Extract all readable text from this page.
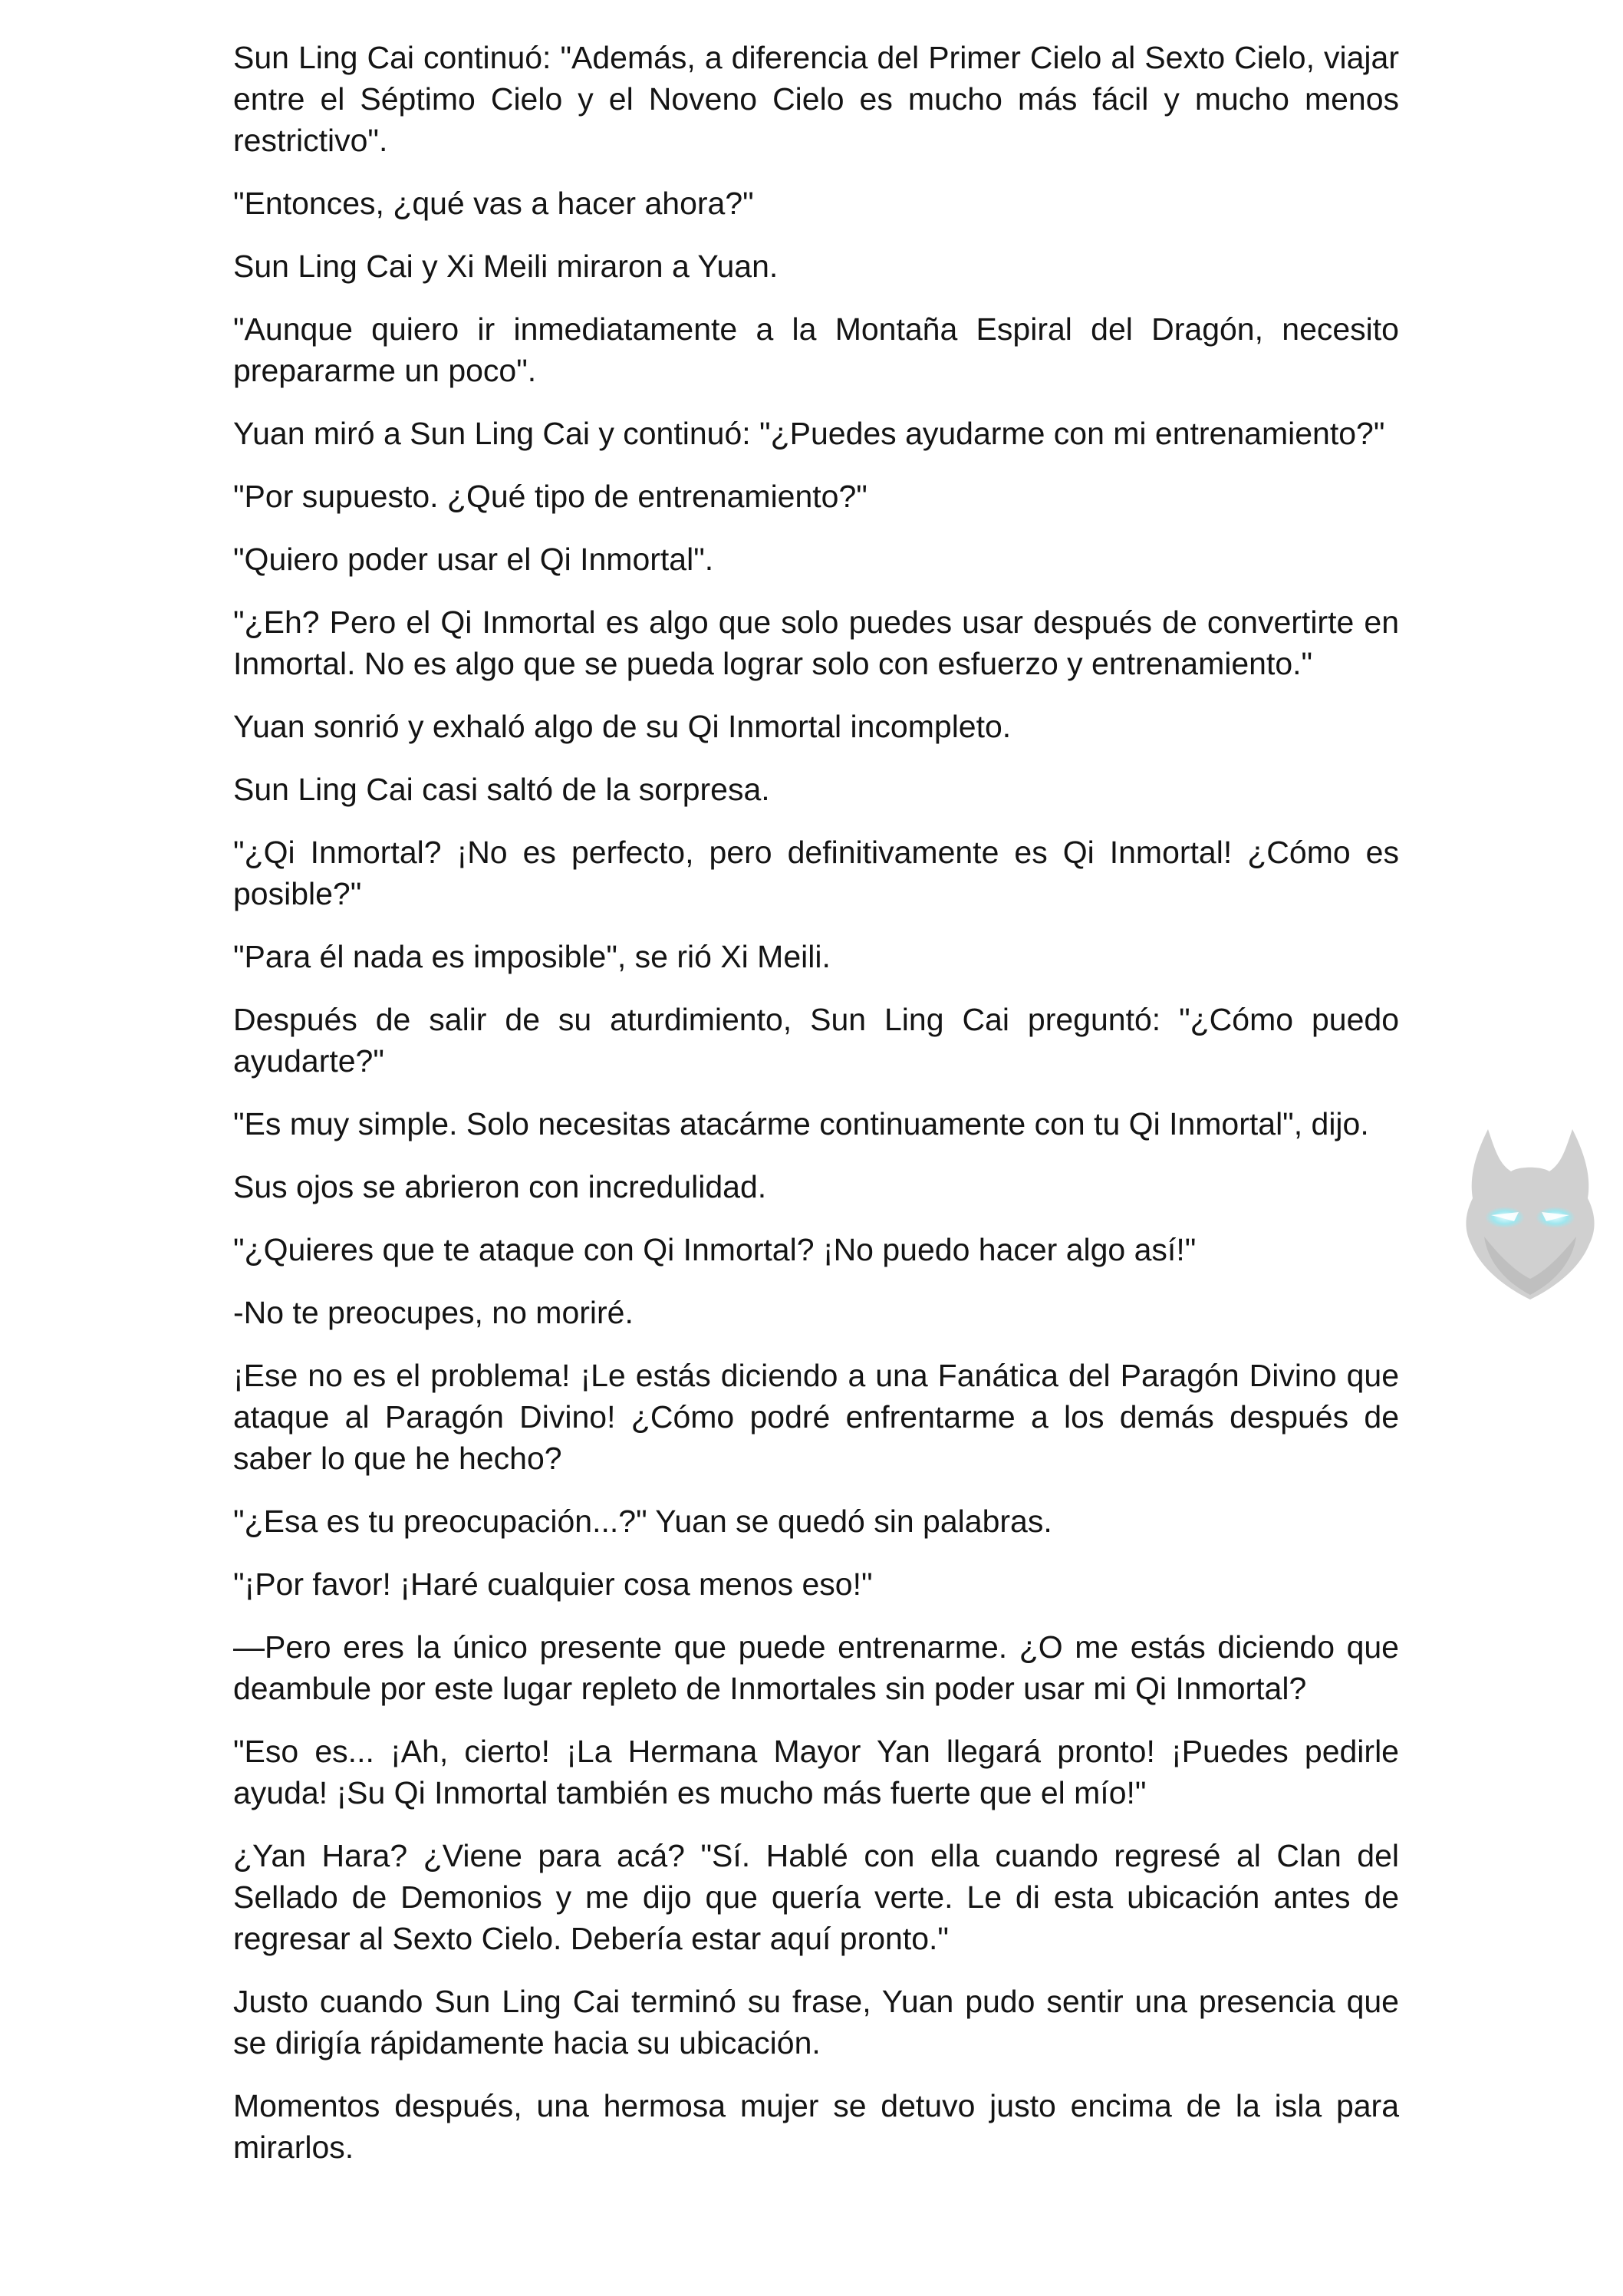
Sun Ling Cai continuó: "Además, a diferencia del Primer Cielo al Sexto Cielo, viajar entre el Séptimo Cielo y el Noveno Cielo es mucho más fácil y mucho menos restrictivo".

"Entonces, ¿qué vas a hacer ahora?"

Sun Ling Cai y Xi Meili miraron a Yuan.

"Aunque quiero ir inmediatamente a la Montaña Espiral del Dragón, necesito prepararme un poco".

Yuan miró a Sun Ling Cai y continuó: "¿Puedes ayudarme con mi entrenamiento?"

"Por supuesto. ¿Qué tipo de entrenamiento?"

"Quiero poder usar el Qi Inmortal".

"¿Eh? Pero el Qi Inmortal es algo que solo puedes usar después de convertirte en Inmortal. No es algo que se pueda lograr solo con esfuerzo y entrenamiento."

Yuan sonrió y exhaló algo de su Qi Inmortal incompleto.

Sun Ling Cai casi saltó de la sorpresa.

"¿Qi Inmortal? ¡No es perfecto, pero definitivamente es Qi Inmortal! ¿Cómo es posible?"

"Para él nada es imposible", se rió Xi Meili.

Después de salir de su aturdimiento, Sun Ling Cai preguntó: "¿Cómo puedo ayudarte?"

"Es muy simple. Solo necesitas atacárme continuamente con tu Qi Inmortal", dijo.

Sus ojos se abrieron con incredulidad.

"¿Quieres que te ataque con Qi Inmortal? ¡No puedo hacer algo así!"

-No te preocupes, no moriré.

¡Ese no es el problema! ¡Le estás diciendo a una Fanática del Paragón Divino que ataque al Paragón Divino! ¿Cómo podré enfrentarme a los demás después de saber lo que he hecho?

"¿Esa es tu preocupación...?" Yuan se quedó sin palabras.

"¡Por favor! ¡Haré cualquier cosa menos eso!"

—Pero eres la único presente que puede entrenarme. ¿O me estás diciendo que deambule por este lugar repleto de Inmortales sin poder usar mi Qi Inmortal?

"Eso es... ¡Ah, cierto! ¡La Hermana Mayor Yan llegará pronto! ¡Puedes pedirle ayuda! ¡Su Qi Inmortal también es mucho más fuerte que el mío!"

¿Yan Hara? ¿Viene para acá? "Sí. Hablé con ella cuando regresé al Clan del Sellado de Demonios y me dijo que quería verte. Le di esta ubicación antes de regresar al Sexto Cielo. Debería estar aquí pronto."

Justo cuando Sun Ling Cai terminó su frase, Yuan pudo sentir una presencia que se dirigía rápidamente hacia su ubicación.

Momentos después, una hermosa mujer se detuvo justo encima de la isla para mirarlos.
